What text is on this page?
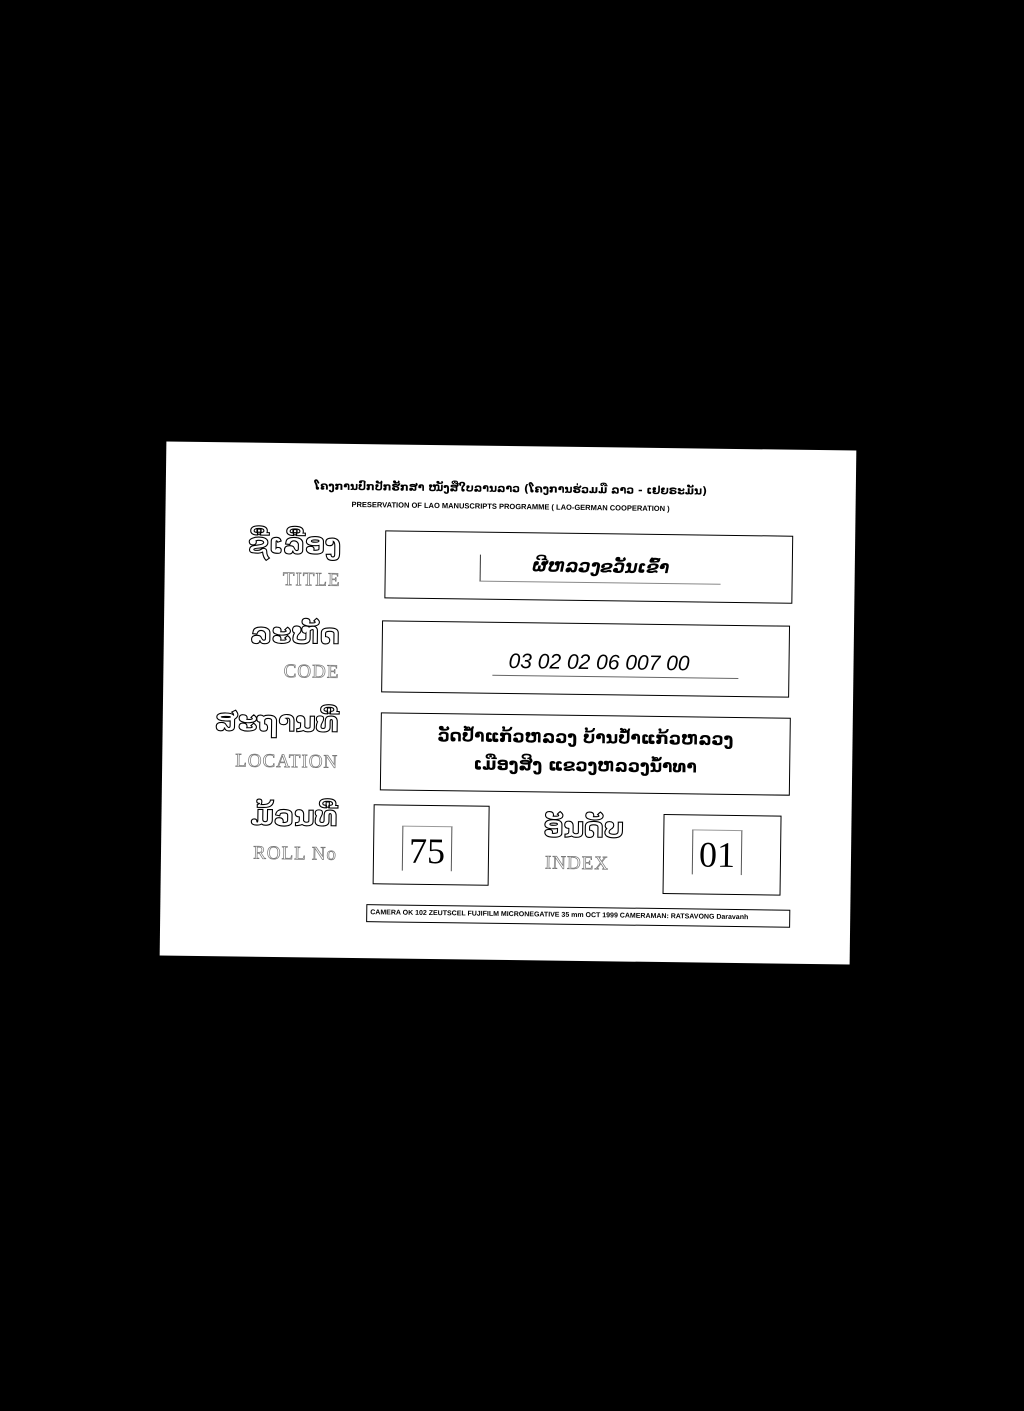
ໂຄງການປົກປັກຮັກສາ ໜັງສືໃບລານລາວ (ໂຄງການຮ່ວມມື ລາວ - ເຢຍຣະມັນ)
PRESERVATION OF LAO MANUSCRIPTS PROGRAMME ( LAO-GERMAN COOPERATION )
ຊື່ເລື່ອງ
TITLE
ຜີຫລວງຂວັນເຂົ້າ
ລະຫັດ
CODE	03 02 02 06 007 00
ສະຖານທີ່
LOCATION
ວັດປ້ຳແກ້ວຫລວງ ບ້ານປ້ຳແກ້ວຫລວງ
ເມືອງສິງ ແຂວງຫລວງນ້ຳທາ
ມ້ວນທີ່
ROLL No 75
ອັນດັບ
INDEX 01
CAMERA OK 102 ZEUTSCEL FUJIFILM MICRONEGATIVE 35 mm OCT 1999 CAMERAMAN: RATSAVONG Daravanh
